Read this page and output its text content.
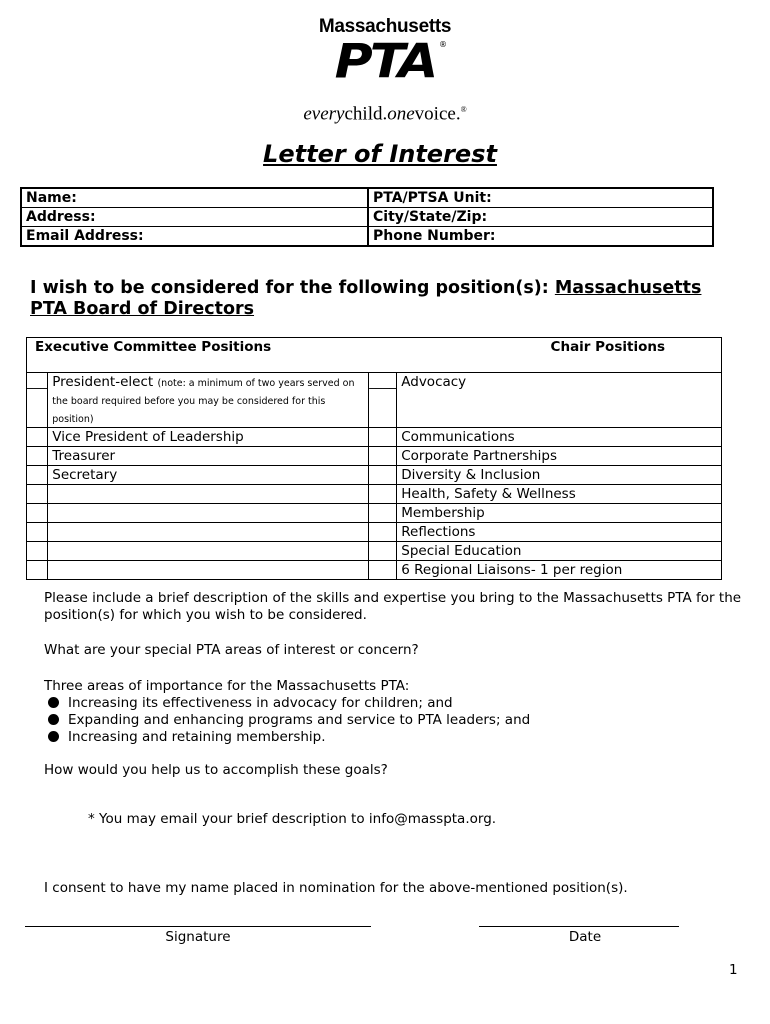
Massachusetts
PTA ®
everychild.onevoice.®
Letter of Interest
Name:	PTA/PTSA Unit:
Address:	City/State/Zip:
Email Address:	Phone Number:
I wish to be considered for the following position(s): Massachusetts PTA Board of Directors
Executive Committee Positions Chair Positions			

___	President-elect (note: a minimum of two years served on the board required before you may be considered for this position)	____	Advocacy
	Vice President of Leadership		Communications
	Treasurer		Corporate Partnerships
	Secretary		Diversity & Inclusion
			Health, Safety & Wellness
			Membership
			Reflections
			Special Education
			6 Regional Liaisons- 1 per region
Please include a brief description of the skills and expertise you bring to the Massachusetts PTA for the position(s) for which you wish to be considered.
What are your special PTA areas of interest or concern?
Three areas of importance for the Massachusetts PTA:
Increasing its effectiveness in advocacy for children; and
Expanding and enhancing programs and service to PTA leaders; and
Increasing and retaining membership.
How would you help us to accomplish these goals?
* You may email your brief description to info@masspta.org.
I consent to have my name placed in nomination for the above-mentioned position(s).
Signature	Date
1
